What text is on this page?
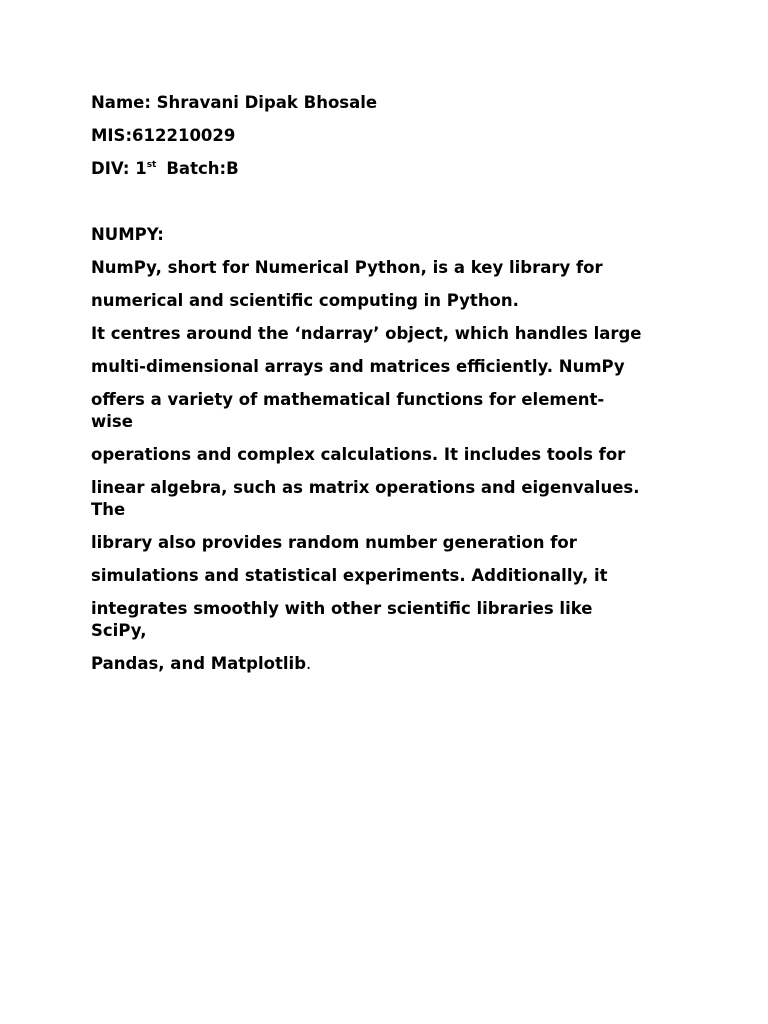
Name: Shravani Dipak Bhosale

MIS:612210029

DIV: 1st Batch:B

NUMPY:

NumPy, short for Numerical Python, is a key library for

numerical and scientific computing in Python.

It centres around the ‘ndarray’ object, which handles large

multi-dimensional arrays and matrices efficiently. NumPy

offers a variety of mathematical functions for element-

wise

operations and complex calculations. It includes tools for

linear algebra, such as matrix operations and eigenvalues.

The

library also provides random number generation for

simulations and statistical experiments. Additionally, it

integrates smoothly with other scientific libraries like

SciPy,

Pandas, and Matplotlib.
